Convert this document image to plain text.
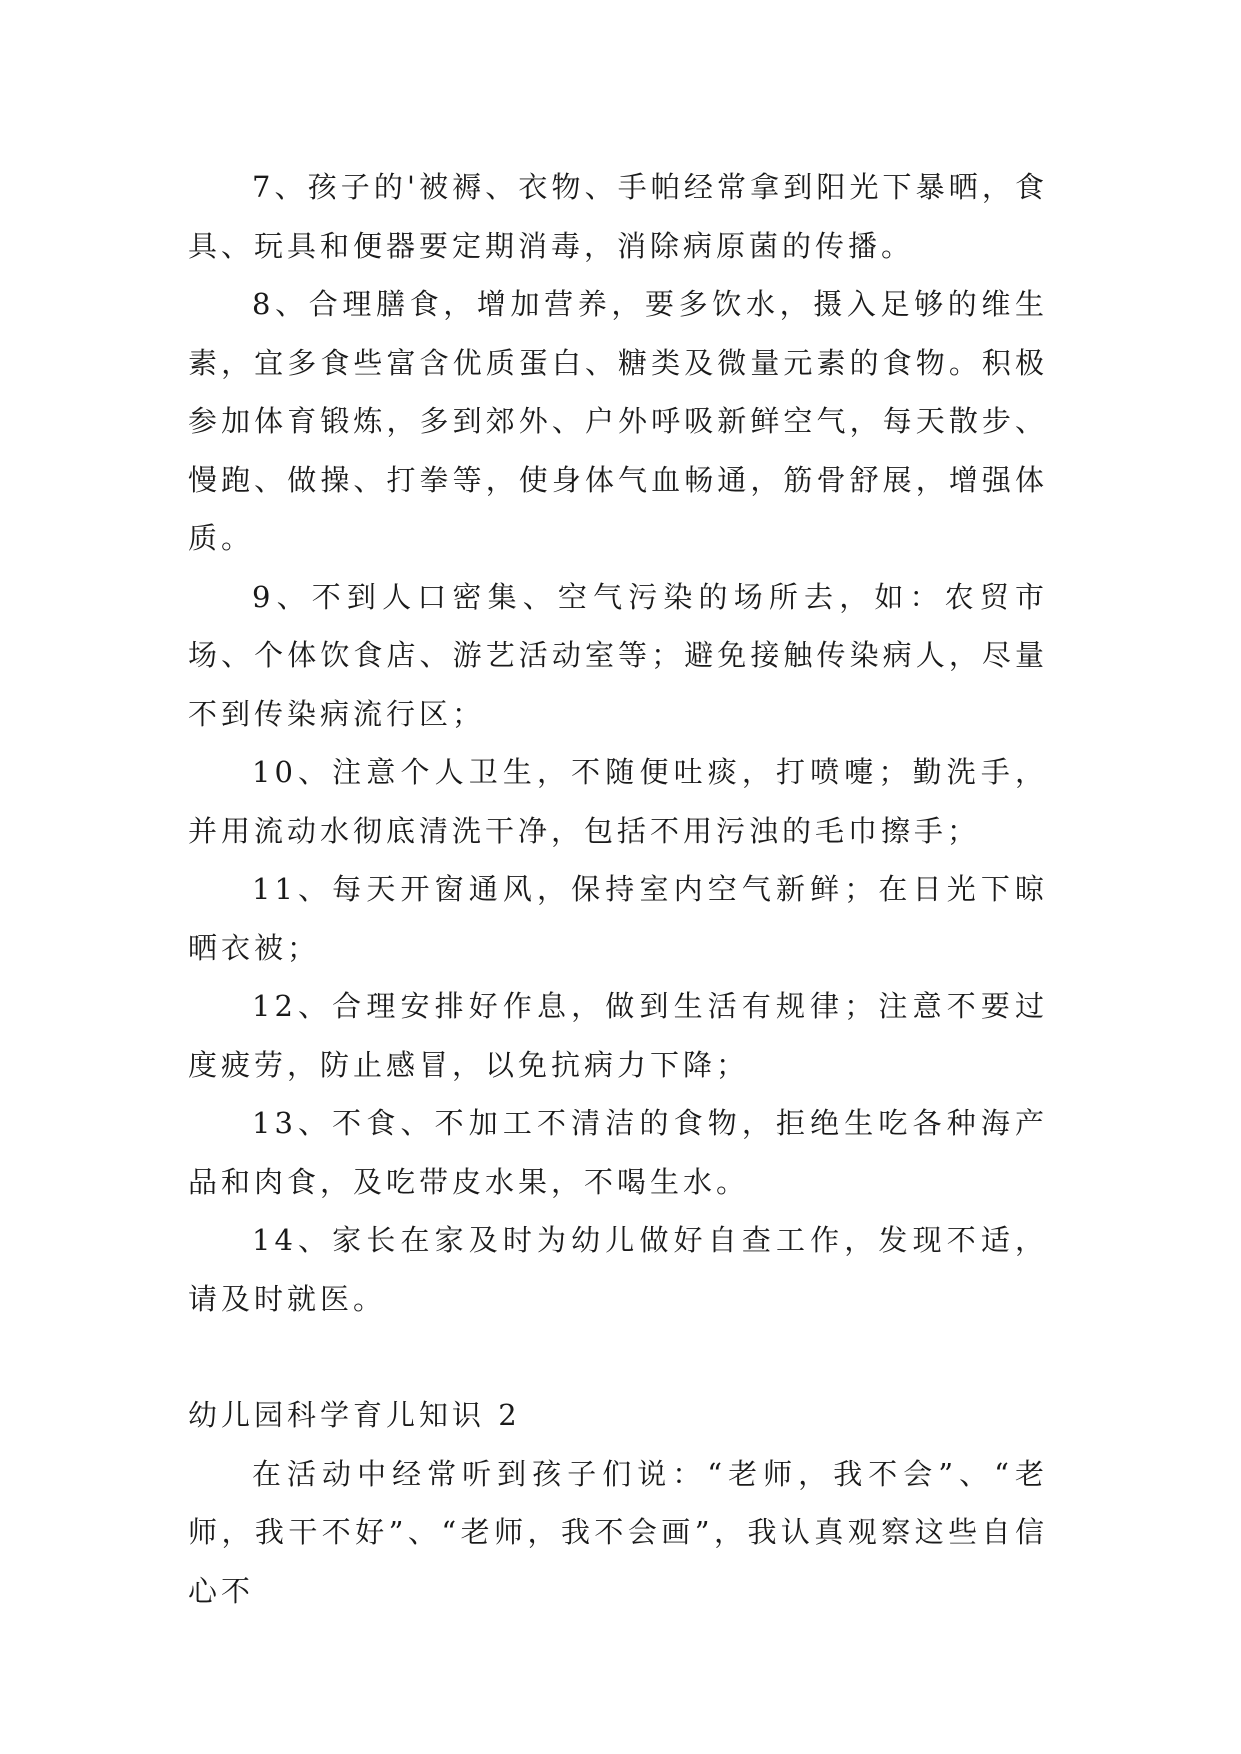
7、孩子的'被褥、衣物、手帕经常拿到阳光下暴晒，食具、玩具和便器要定期消毒，消除病原菌的传播。

8、合理膳食，增加营养，要多饮水，摄入足够的维生素，宜多食些富含优质蛋白、糖类及微量元素的食物。积极参加体育锻炼，多到郊外、户外呼吸新鲜空气，每天散步、慢跑、做操、打拳等，使身体气血畅通，筋骨舒展，增强体质。

9、不到人口密集、空气污染的场所去，如：农贸市场、个体饮食店、游艺活动室等；避免接触传染病人，尽量不到传染病流行区；

10、注意个人卫生，不随便吐痰，打喷嚏；勤洗手，并用流动水彻底清洗干净，包括不用污浊的毛巾擦手；

11、每天开窗通风，保持室内空气新鲜；在日光下晾晒衣被；

12、合理安排好作息，做到生活有规律；注意不要过度疲劳，防止感冒，以免抗病力下降；

13、不食、不加工不清洁的食物，拒绝生吃各种海产品和肉食，及吃带皮水果，不喝生水。

14、家长在家及时为幼儿做好自查工作，发现不适，请及时就医。

幼儿园科学育儿知识 2

在活动中经常听到孩子们说：“老师，我不会”、“老师，我干不好”、“老师，我不会画”，我认真观察这些自信心不
